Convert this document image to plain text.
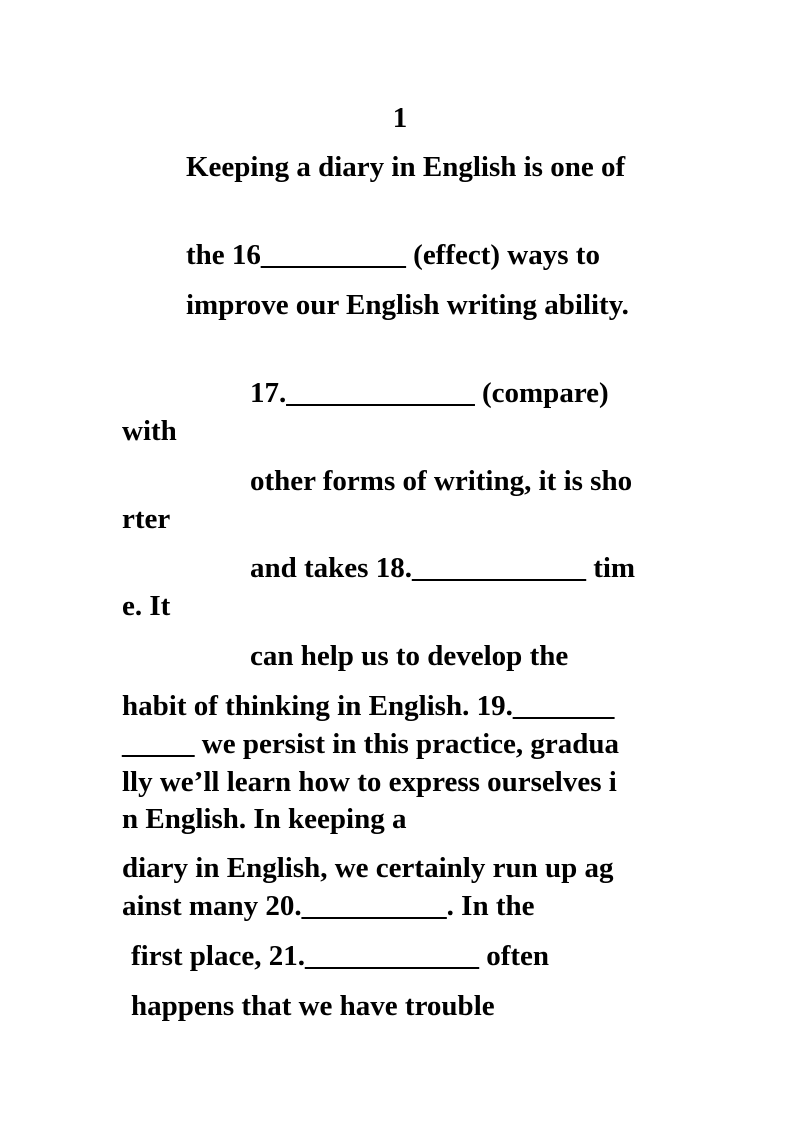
1
Keeping a diary in English is one of
the 16__________ (effect) ways to
improve our English writing ability.
17._____________ (compare)
with
other forms of writing, it is sho
rter
and takes 18.____________ tim
e. It
can help us to develop the
habit of thinking in English. 19._______
_____ we persist in this practice, gradua
lly we’ll learn how to express ourselves i
n English. In keeping a
diary in English, we certainly run up ag
ainst many 20.__________. In the
first place, 21.____________ often
happens that we have trouble
